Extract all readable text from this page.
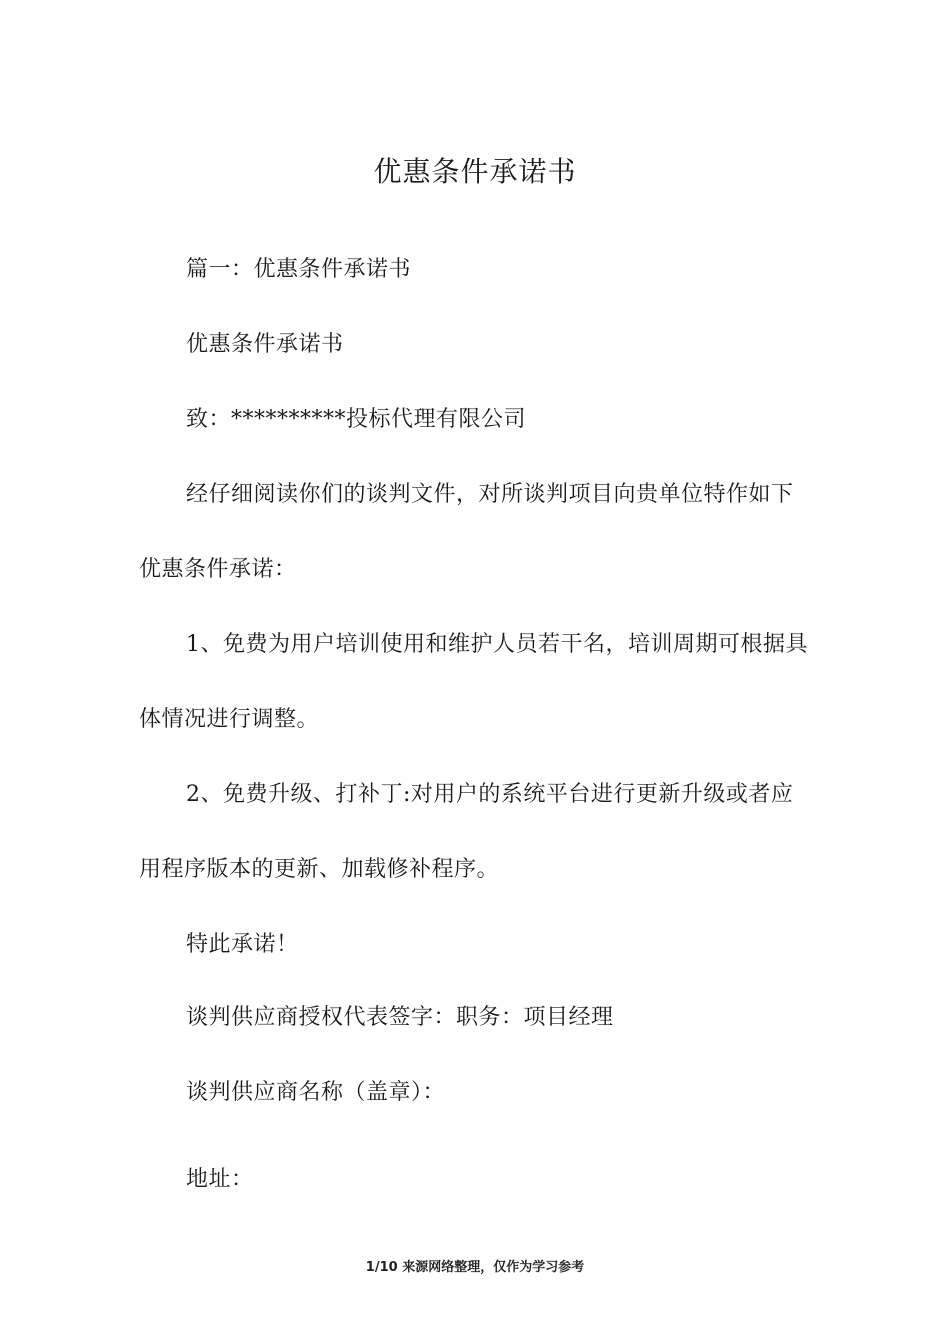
优惠条件承诺书
篇一：优惠条件承诺书
优惠条件承诺书
致：**********投标代理有限公司
经仔细阅读你们的谈判文件，对所谈判项目向贵单位特作如下
优惠条件承诺：
1、免费为用户培训使用和维护人员若干名，培训周期可根据具
体情况进行调整。
2、免费升级、打补丁:对用户的系统平台进行更新升级或者应
用程序版本的更新、加载修补程序。
特此承诺！
谈判供应商授权代表签字：职务：项目经理
谈判供应商名称（盖章）：
地址：
1/10 来源网络整理，仅作为学习参考
